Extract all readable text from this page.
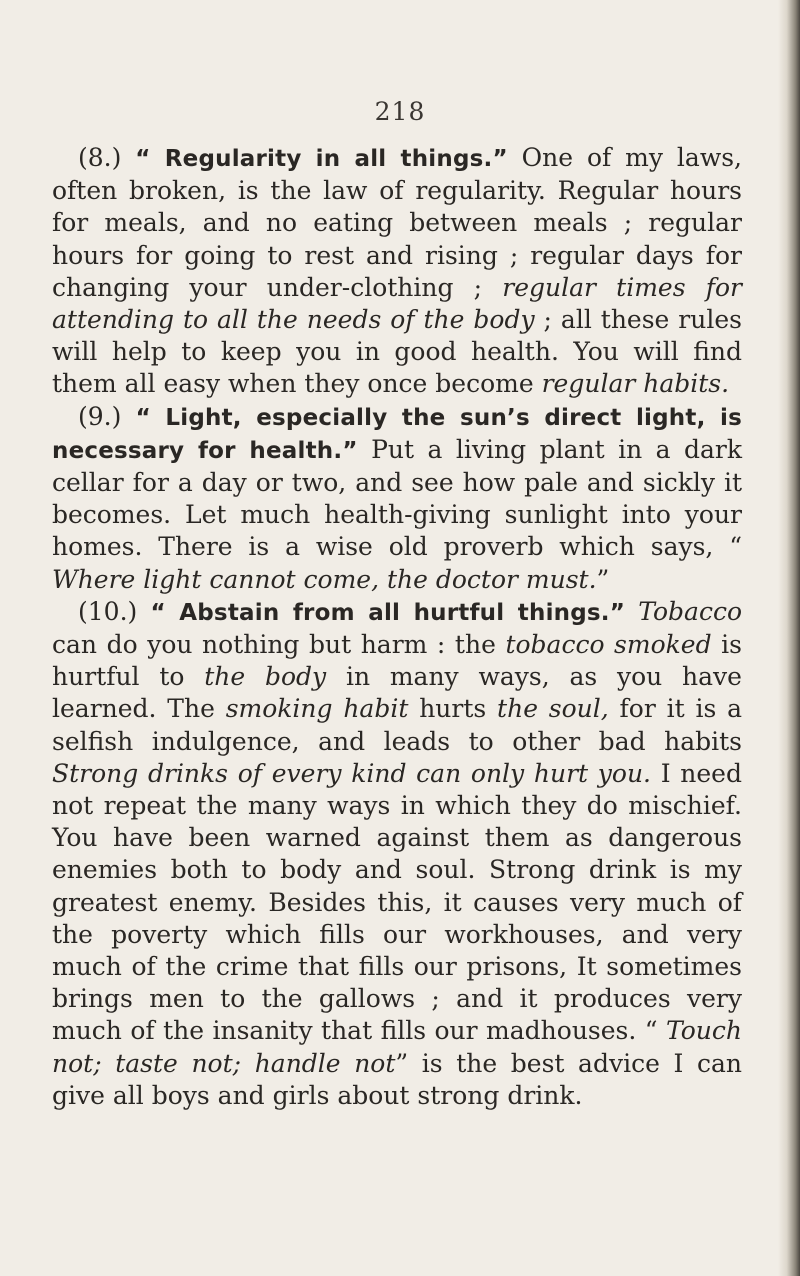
218

(8.) “ Regularity in all things.” One of my laws, often broken, is the law of regularity. Regular hours for meals, and no eating between meals ; regular hours for going to rest and rising ; regular days for changing your under-clothing ; regular times for attending to all the needs of the body ; all these rules will help to keep you in good health. You will find them all easy when they once become regular habits.

(9.) “ Light, especially the sun’s direct light, is necessary for health.” Put a living plant in a dark cellar for a day or two, and see how pale and sickly it becomes. Let much health-giving sunlight into your homes. There is a wise old proverb which says, “ Where light cannot come, the doctor must.”

(10.) “ Abstain from all hurtful things.” Tobacco can do you nothing but harm : the tobacco smoked is hurtful to the body in many ways, as you have learned. The smoking habit hurts the soul, for it is a selfish indulgence, and leads to other bad habits Strong drinks of every kind can only hurt you. I need not repeat the many ways in which they do mischief. You have been warned against them as dangerous enemies both to body and soul. Strong drink is my greatest enemy. Besides this, it causes very much of the poverty which fills our workhouses, and very much of the crime that fills our prisons, It sometimes brings men to the gallows ; and it produces very much of the insanity that fills our madhouses. “ Touch not; taste not; handle not” is the best advice I can give all boys and girls about strong drink.
